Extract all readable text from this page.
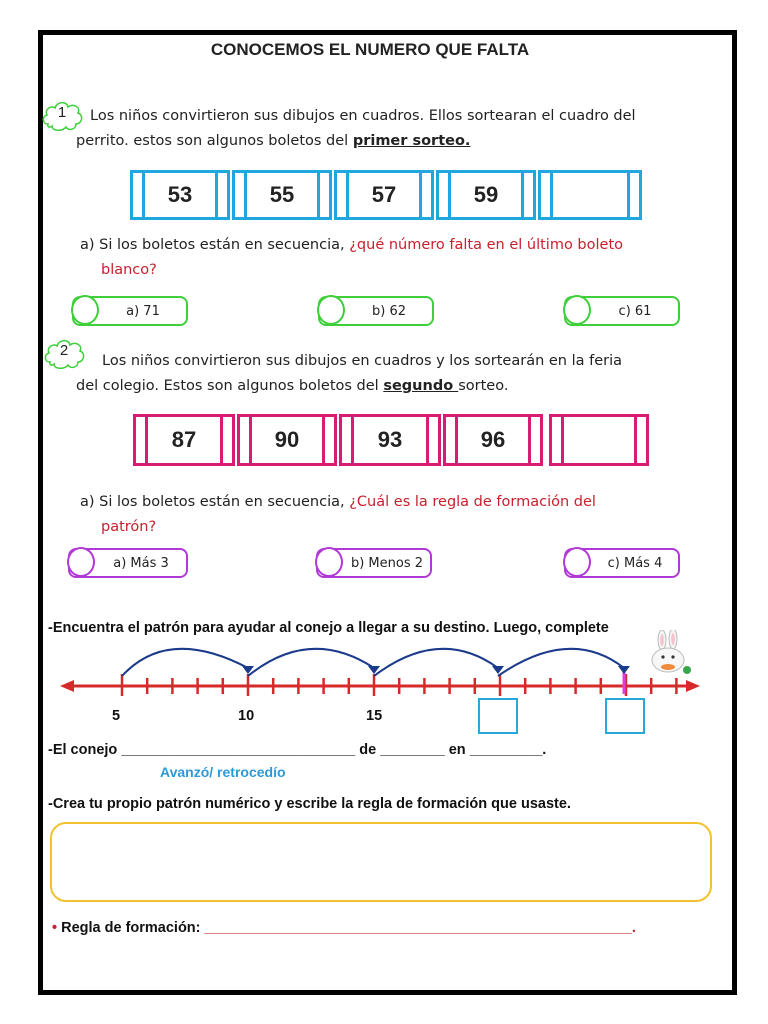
CONOCEMOS EL NUMERO QUE FALTA
1	Los niños convirtieron sus dibujos en cuadros. Ellos sortearan el cuadro del
perrito. estos son algunos boletos del primer sorteo.
53	55	57	59
a) Si los boletos están en secuencia, ¿qué número falta en el último boleto
blanco?
a) 71	b) 62	c) 61
2
Los niños convirtieron sus dibujos en cuadros y los sortearán en la feria
del colegio. Estos son algunos boletos del segundo sorteo.
87	90	93	96
a) Si los boletos están en secuencia, ¿Cuál es la regla de formación del
patrón?
a) Más 3	b) Menos 2	c) Más 4
-Encuentra el patrón para ayudar al conejo a llegar a su destino. Luego, complete
5	10	15
-El conejo _____________________________ de ________ en _________.
Avanzó/ retrocedío
-Crea tu propio patrón numérico y escribe la regla de formación que usaste.
• Regla de formación: _____________________________________________________.
